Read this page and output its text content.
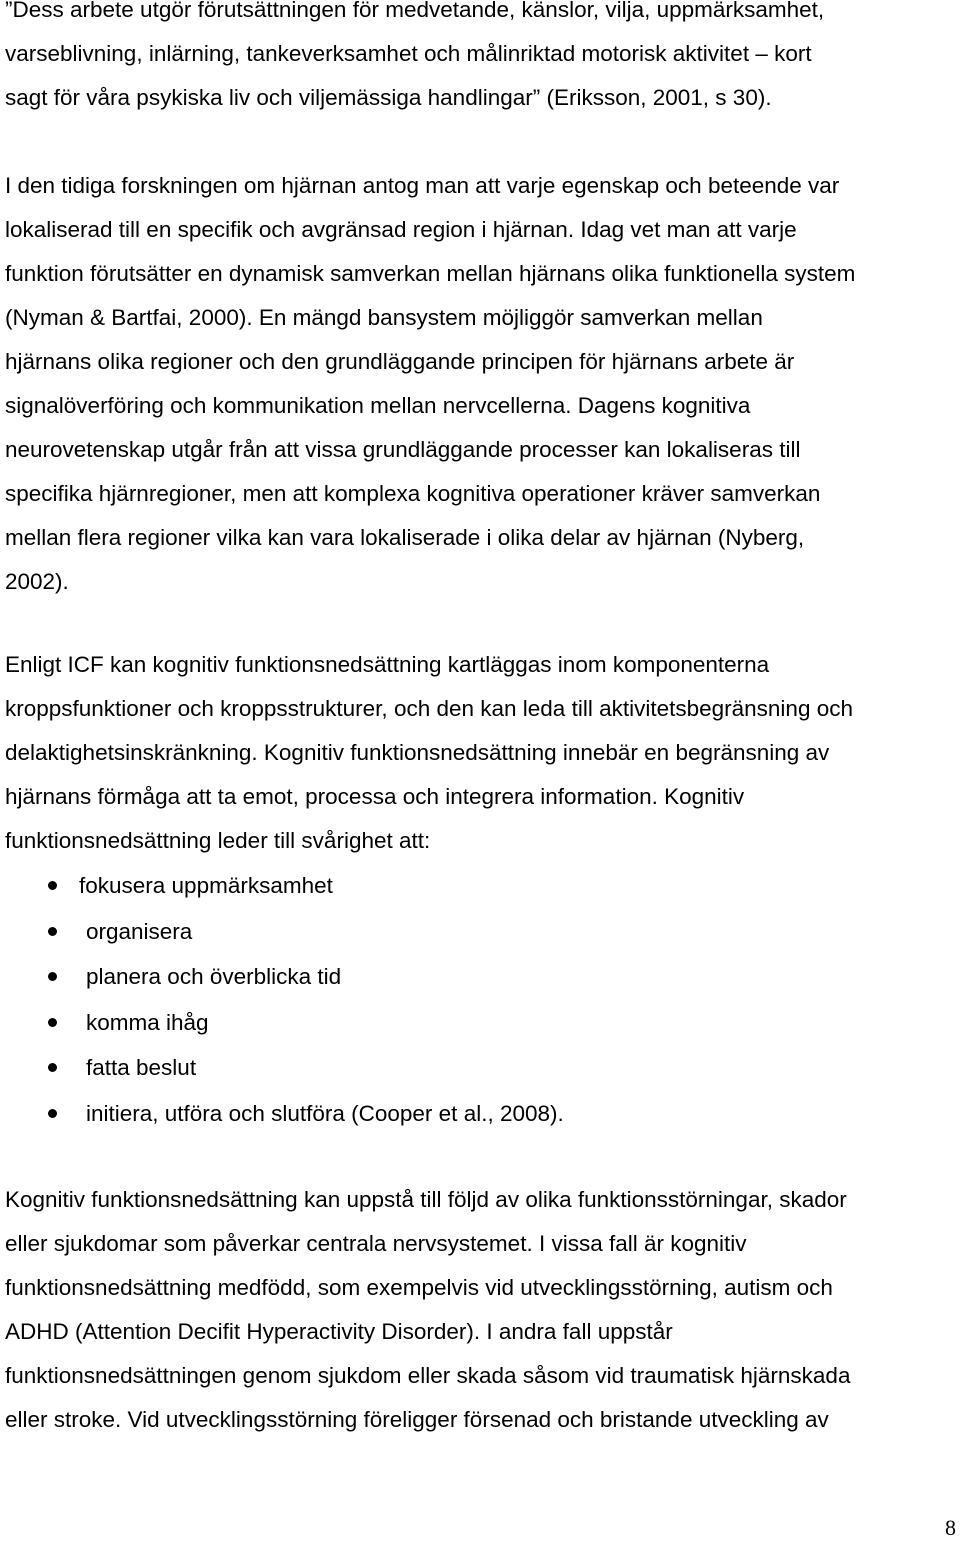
”Dess arbete utgör förutsättningen för medvetande, känslor, vilja, uppmärksamhet,
varseblivning, inlärning, tankeverksamhet och målinriktad motorisk aktivitet – kort
sagt för våra psykiska liv och viljemässiga handlingar” (Eriksson, 2001, s 30).

I den tidiga forskningen om hjärnan antog man att varje egenskap och beteende var
lokaliserad till en specifik och avgränsad region i hjärnan. Idag vet man att varje
funktion förutsätter en dynamisk samverkan mellan hjärnans olika funktionella system
(Nyman & Bartfai, 2000). En mängd bansystem möjliggör samverkan mellan
hjärnans olika regioner och den grundläggande principen för hjärnans arbete är
signalöverföring och kommunikation mellan nervcellerna. Dagens kognitiva
neurovetenskap utgår från att vissa grundläggande processer kan lokaliseras till
specifika hjärnregioner, men att komplexa kognitiva operationer kräver samverkan
mellan flera regioner vilka kan vara lokaliserade i olika delar av hjärnan (Nyberg,
2002).

Enligt ICF kan kognitiv funktionsnedsättning kartläggas inom komponenterna
kroppsfunktioner och kroppsstrukturer, och den kan leda till aktivitetsbegränsning och
delaktighetsinskränkning. Kognitiv funktionsnedsättning innebär en begränsning av
hjärnans förmåga att ta emot, processa och integrera information. Kognitiv
funktionsnedsättning leder till svårighet att:

fokusera uppmärksamhet
organisera
planera och överblicka tid
komma ihåg
fatta beslut
initiera, utföra och slutföra (Cooper et al., 2008).

Kognitiv funktionsnedsättning kan uppstå till följd av olika funktionsstörningar, skador
eller sjukdomar som påverkar centrala nervsystemet. I vissa fall är kognitiv
funktionsnedsättning medfödd, som exempelvis vid utvecklingsstörning, autism och
ADHD (Attention Decifit Hyperactivity Disorder). I andra fall uppstår
funktionsnedsättningen genom sjukdom eller skada såsom vid traumatisk hjärnskada
eller stroke. Vid utvecklingsstörning föreligger försenad och bristande utveckling av

8
